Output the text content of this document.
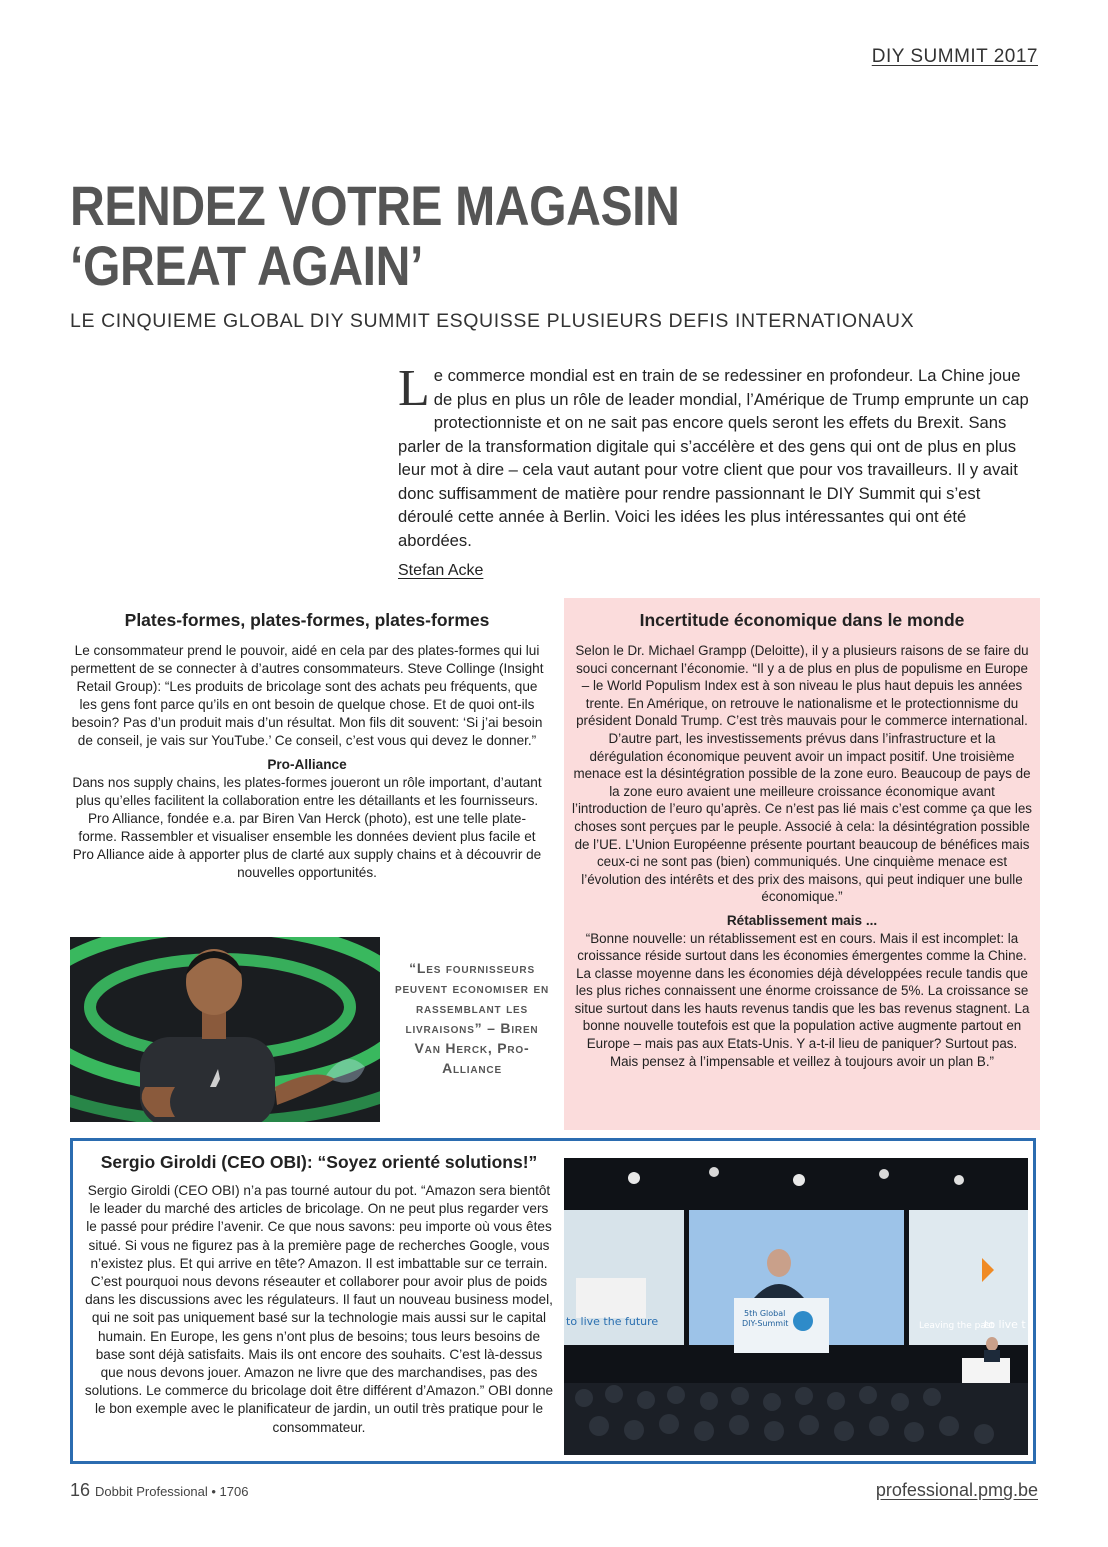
DIY SUMMIT 2017
RENDEZ VOTRE MAGASIN
‘GREAT AGAIN’
LE CINQUIEME GLOBAL DIY SUMMIT ESQUISSE PLUSIEURS DEFIS INTERNATIONAUX
Le commerce mondial est en train de se redessiner en profondeur. La Chine joue de plus en plus un rôle de leader mondial, l’Amérique de Trump emprunte un cap protectionniste et on ne sait pas encore quels seront les effets du Brexit. Sans parler de la transformation digitale qui s’accélère et des gens qui ont de plus en plus leur mot à dire – cela vaut autant pour votre client que pour vos travailleurs. Il y avait donc suffisamment de matière pour rendre passionnant le DIY Summit qui s’est déroulé cette année à Berlin. Voici les idées les plus intéressantes qui ont été abordées.
Stefan Acke
Plates-formes, plates-formes, plates-formes
Le consommateur prend le pouvoir, aidé en cela par des plates-formes qui lui permettent de se connecter à d’autres consommateurs. Steve Collinge (Insight Retail Group): “Les produits de bricolage sont des achats peu fréquents, que les gens font parce qu’ils en ont besoin de quelque chose. Et de quoi ont-ils besoin? Pas d’un produit mais d’un résultat. Mon fils dit souvent: ‘Si j’ai besoin de conseil, je vais sur YouTube.’ Ce conseil, c’est vous qui devez le donner.”
Pro-Alliance
Dans nos supply chains, les plates-formes joueront un rôle important, d’autant plus qu’elles facilitent la collaboration entre les détaillants et les fournisseurs. Pro Alliance, fondée e.a. par Biren Van Herck (photo), est une telle plate-forme. Rassembler et visualiser ensemble les données devient plus facile et Pro Alliance aide à apporter plus de clarté aux supply chains et à découvrir de nouvelles opportunités.
“Les fournisseurs peuvent economiser en rassemblant les livraisons” – Biren Van Herck, Pro-Alliance
Incertitude économique dans le monde
Selon le Dr. Michael Grampp (Deloitte), il y a plusieurs raisons de se faire du souci concernant l’économie. “Il y a de plus en plus de populisme en Europe – le World Populism Index est à son niveau le plus haut depuis les années trente. En Amérique, on retrouve le nationalisme et le protectionnisme du président Donald Trump. C’est très mauvais pour le commerce international. D’autre part, les investissements prévus dans l’infrastructure et la dérégulation économique peuvent avoir un impact positif. Une troisième menace est la désintégration possible de la zone euro. Beaucoup de pays de la zone euro avaient une meilleure croissance économique avant l’introduction de l’euro qu’après. Ce n’est pas lié mais c’est comme ça que les choses sont perçues par le peuple. Associé à cela: la désintégration possible de l’UE. L’Union Européenne présente pourtant beaucoup de bénéfices mais ceux-ci ne sont pas (bien) communiqués. Une cinquième menace est l’évolution des intérêts et des prix des maisons, qui peut indiquer une bulle économique.”
Rétablissement mais ...
“Bonne nouvelle: un rétablissement est en cours. Mais il est incomplet: la croissance réside surtout dans les économies émergentes comme la Chine. La classe moyenne dans les économies déjà développées recule tandis que les plus riches connaissent une énorme croissance de 5%. La croissance se situe surtout dans les hauts revenus tandis que les bas revenus stagnent. La bonne nouvelle toutefois est que la population active augmente partout en Europe – mais pas aux Etats-Unis. Y a-t-il lieu de paniquer? Surtout pas. Mais pensez à l’impensable et veillez à toujours avoir un plan B.”
Sergio Giroldi (CEO OBI): “Soyez orienté solutions!”
Sergio Giroldi (CEO OBI) n’a pas tourné autour du pot. “Amazon sera bientôt le leader du marché des articles de bricolage. On ne peut plus regarder vers le passé pour prédire l’avenir. Ce que nous savons: peu importe où vous êtes situé. Si vous ne figurez pas à la première page de recherches Google, vous n’existez plus. Et qui arrive en tête? Amazon. Il est imbattable sur ce terrain. C’est pourquoi nous devons réseauter et collaborer pour avoir plus de poids dans les discussions avec les régulateurs. Il faut un nouveau business model, qui ne soit pas uniquement basé sur la technologie mais aussi sur le capital humain. En Europe, les gens n’ont plus de besoins; tous leurs besoins de base sont déjà satisfaits. Mais ils ont encore des souhaits. C’est là-dessus que nous devons jouer. Amazon ne livre que des marchandises, pas des solutions. Le commerce du bricolage doit être différent d’Amazon.” OBI donne le bon exemple avec le planificateur de jardin, un outil très pratique pour le consommateur.
5th Global
DIY-Summit
to live the future	Leaving the past
to live t
16 Dobbit Professional • 1706	professional.pmg.be
